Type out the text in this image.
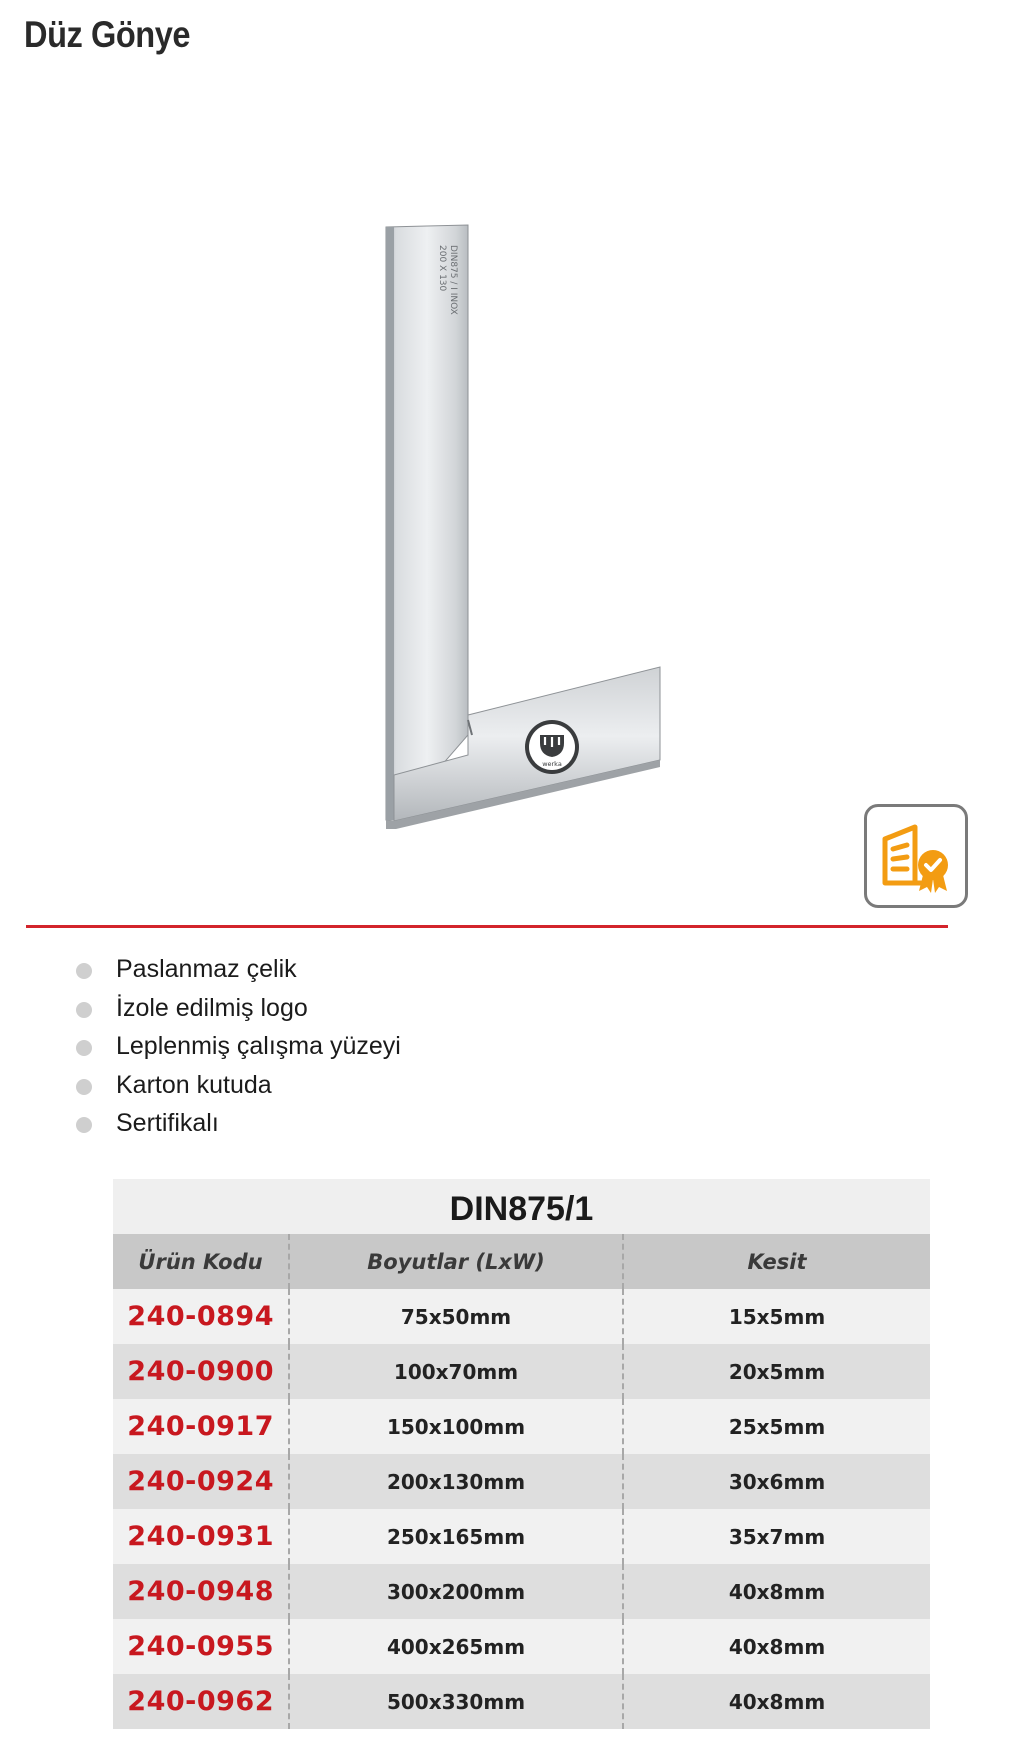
Düz Gönye
200 X 130 DIN875 / I INOX
werka
Paslanmaz çelik
İzole edilmiş logo
Leplenmiş çalışma yüzeyi
Karton kutuda
Sertifikalı
DIN875/1
Ürün Kodu	Boyutlar (LxW)	Kesit
240-0894	75x50mm	15x5mm
240-0900	100x70mm	20x5mm
240-0917	150x100mm	25x5mm
240-0924	200x130mm	30x6mm
240-0931	250x165mm	35x7mm
240-0948	300x200mm	40x8mm
240-0955	400x265mm	40x8mm
240-0962	500x330mm	40x8mm
